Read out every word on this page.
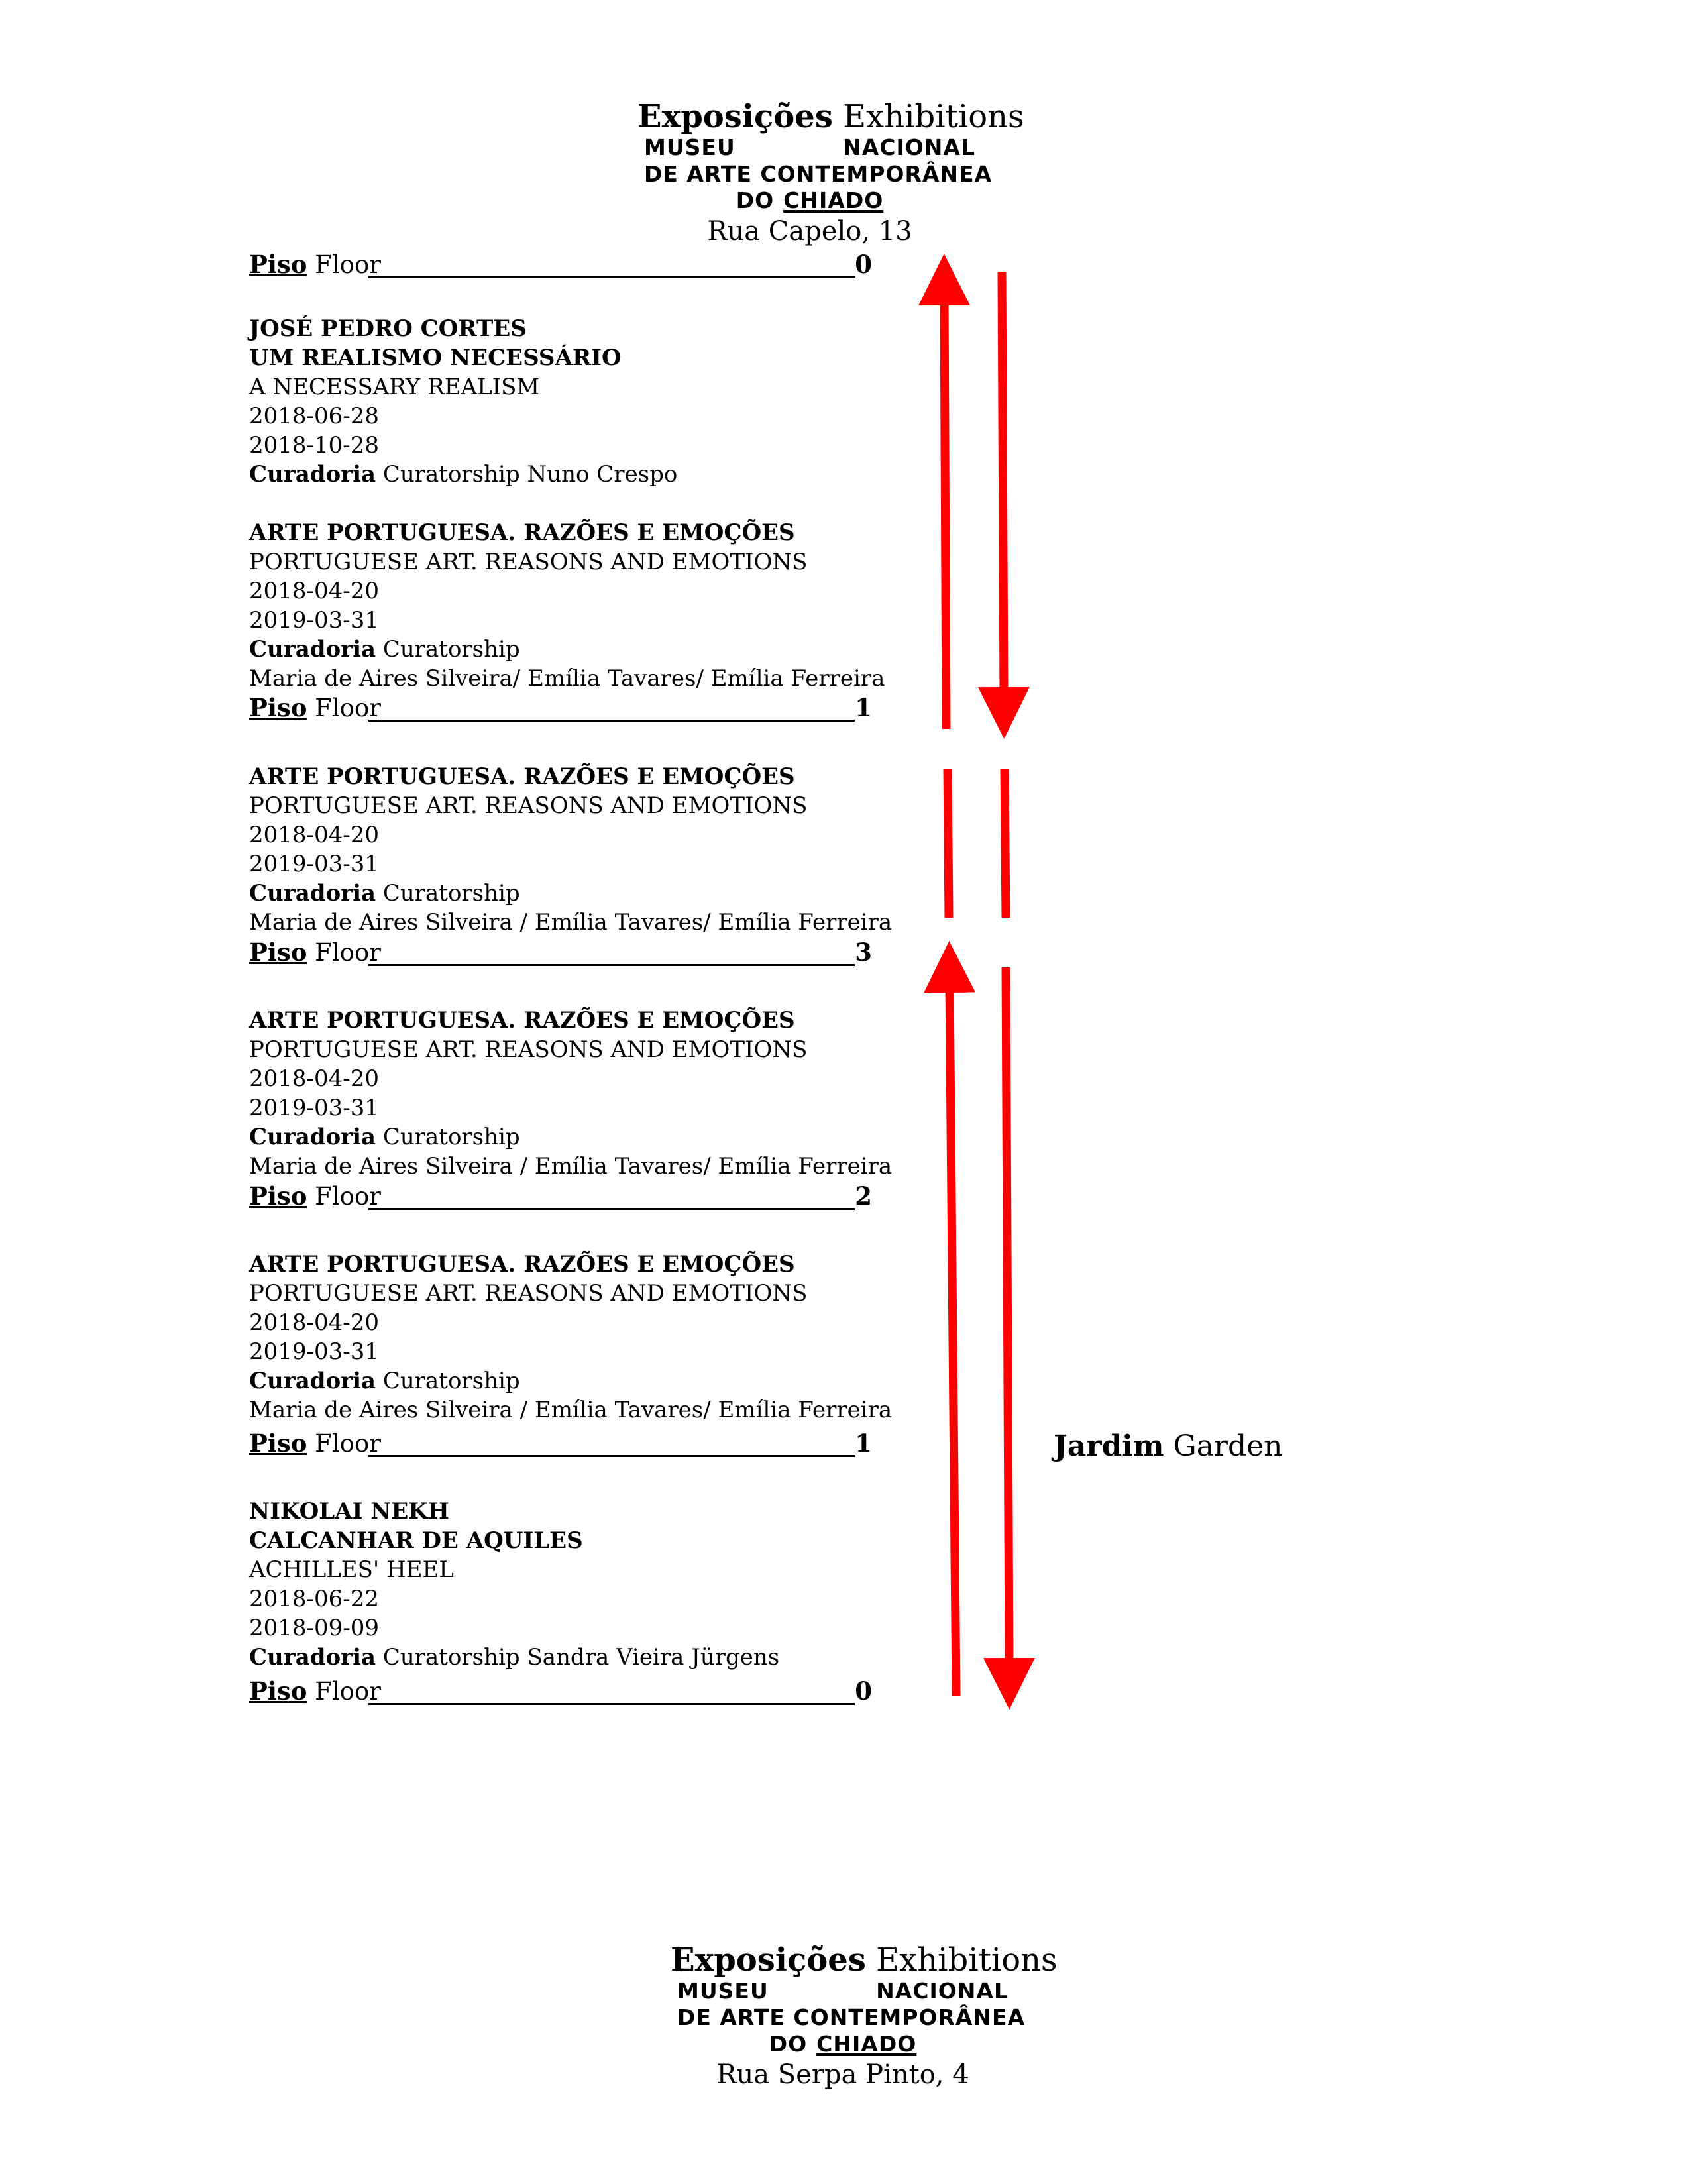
Exposições Exhibitions
MUSEU	NACIONAL
DE ARTE CONTEMPORÂNEA
DO CHIADO
Rua Capelo, 13
Piso Floor	0
Piso Floor	1
Piso Floor	3
Piso Floor	2
Piso Floor	1
Piso Floor	0
JOSÉ PEDRO CORTES
UM REALISMO NECESSÁRIO
A NECESSARY REALISM
2018-06-28
2018-10-28
Curadoria Curatorship Nuno Crespo
ARTE PORTUGUESA. RAZÕES E EMOÇÕES
PORTUGUESE ART. REASONS AND EMOTIONS
2018-04-20
2019-03-31
Curadoria Curatorship
Maria de Aires Silveira/ Emília Tavares/ Emília Ferreira
ARTE PORTUGUESA. RAZÕES E EMOÇÕES
PORTUGUESE ART. REASONS AND EMOTIONS
2018-04-20
2019-03-31
Curadoria Curatorship
Maria de Aires Silveira / Emília Tavares/ Emília Ferreira
ARTE PORTUGUESA. RAZÕES E EMOÇÕES
PORTUGUESE ART. REASONS AND EMOTIONS
2018-04-20
2019-03-31
Curadoria Curatorship
Maria de Aires Silveira / Emília Tavares/ Emília Ferreira
ARTE PORTUGUESA. RAZÕES E EMOÇÕES
PORTUGUESE ART. REASONS AND EMOTIONS
2018-04-20
2019-03-31
Curadoria Curatorship
Maria de Aires Silveira / Emília Tavares/ Emília Ferreira
NIKOLAI NEKH
CALCANHAR DE AQUILES
ACHILLES' HEEL
2018-06-22
2018-09-09
Curadoria Curatorship Sandra Vieira Jürgens
Jardim Garden
Exposições Exhibitions
MUSEU	NACIONAL
DE ARTE CONTEMPORÂNEA
DO CHIADO
Rua Serpa Pinto, 4
